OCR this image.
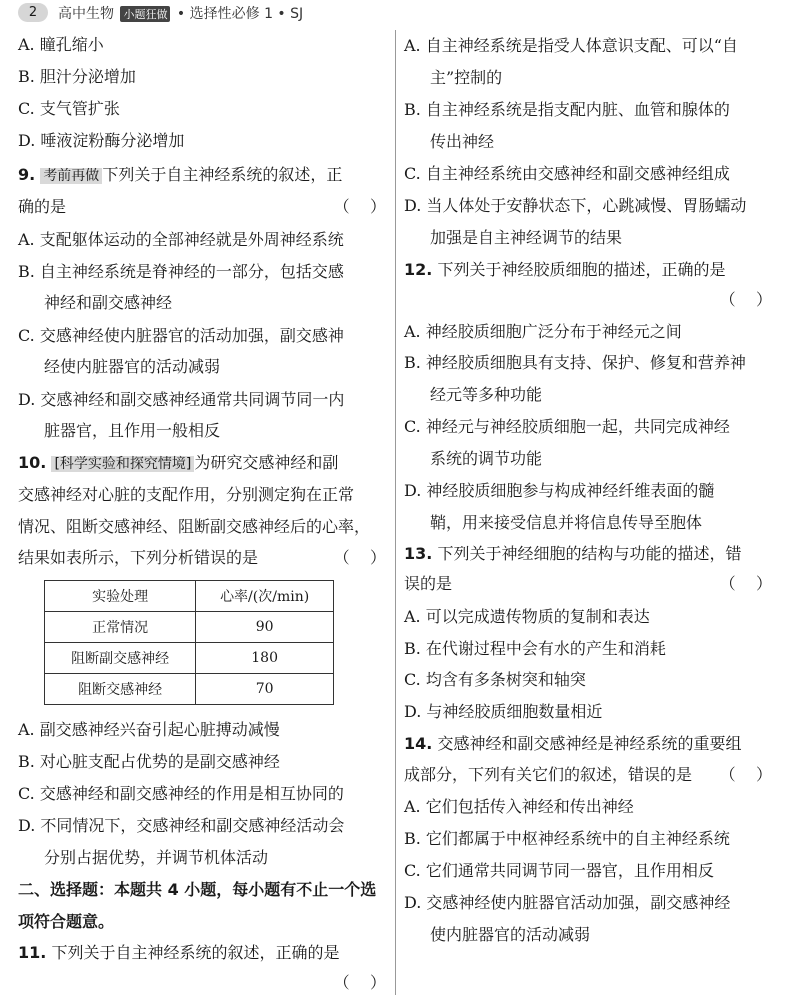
2	高中生物 小题狂做 • 选择性必修 1 • SJ
A. 瞳孔缩小
B. 胆汁分泌增加
C. 支气管扩张
D. 唾液淀粉酶分泌增加
9. 考前再做 下列关于自主神经系统的叙述，正
确的是	（    ）
A. 支配躯体运动的全部神经就是外周神经系统
B. 自主神经系统是脊神经的一部分，包括交感
神经和副交感神经
C. 交感神经使内脏器官的活动加强，副交感神
经使内脏器官的活动减弱
D. 交感神经和副交感神经通常共同调节同一内
脏器官，且作用一般相反
10. [科学实验和探究情境] 为研究交感神经和副
交感神经对心脏的支配作用，分别测定狗在正常
情况、阻断交感神经、阻断副交感神经后的心率，
结果如表所示，下列分析错误的是	（    ）
实验处理	心率/(次/min)
正常情况	90
阻断副交感神经	180
阻断交感神经	70
A. 副交感神经兴奋引起心脏搏动减慢
B. 对心脏支配占优势的是副交感神经
C. 交感神经和副交感神经的作用是相互协同的
D. 不同情况下，交感神经和副交感神经活动会
分别占据优势，并调节机体活动
二、选择题：本题共 4 小题，每小题有不止一个选
项符合题意。
11. 下列关于自主神经系统的叙述，正确的是
（    ）
A. 自主神经系统是指受人体意识支配、可以“自
主”控制的
B. 自主神经系统是指支配内脏、血管和腺体的
传出神经
C. 自主神经系统由交感神经和副交感神经组成
D. 当人体处于安静状态下，心跳减慢、胃肠蠕动
加强是自主神经调节的结果
12. 下列关于神经胶质细胞的描述，正确的是
（    ）
A. 神经胶质细胞广泛分布于神经元之间
B. 神经胶质细胞具有支持、保护、修复和营养神
经元等多种功能
C. 神经元与神经胶质细胞一起，共同完成神经
系统的调节功能
D. 神经胶质细胞参与构成神经纤维表面的髓
鞘，用来接受信息并将信息传导至胞体
13. 下列关于神经细胞的结构与功能的描述，错
误的是	（    ）
A. 可以完成遗传物质的复制和表达
B. 在代谢过程中会有水的产生和消耗
C. 均含有多条树突和轴突
D. 与神经胶质细胞数量相近
14. 交感神经和副交感神经是神经系统的重要组
成部分，下列有关它们的叙述，错误的是 （    ）
A. 它们包括传入神经和传出神经
B. 它们都属于中枢神经系统中的自主神经系统
C. 它们通常共同调节同一器官，且作用相反
D. 交感神经使内脏器官活动加强，副交感神经
使内脏器官的活动减弱
